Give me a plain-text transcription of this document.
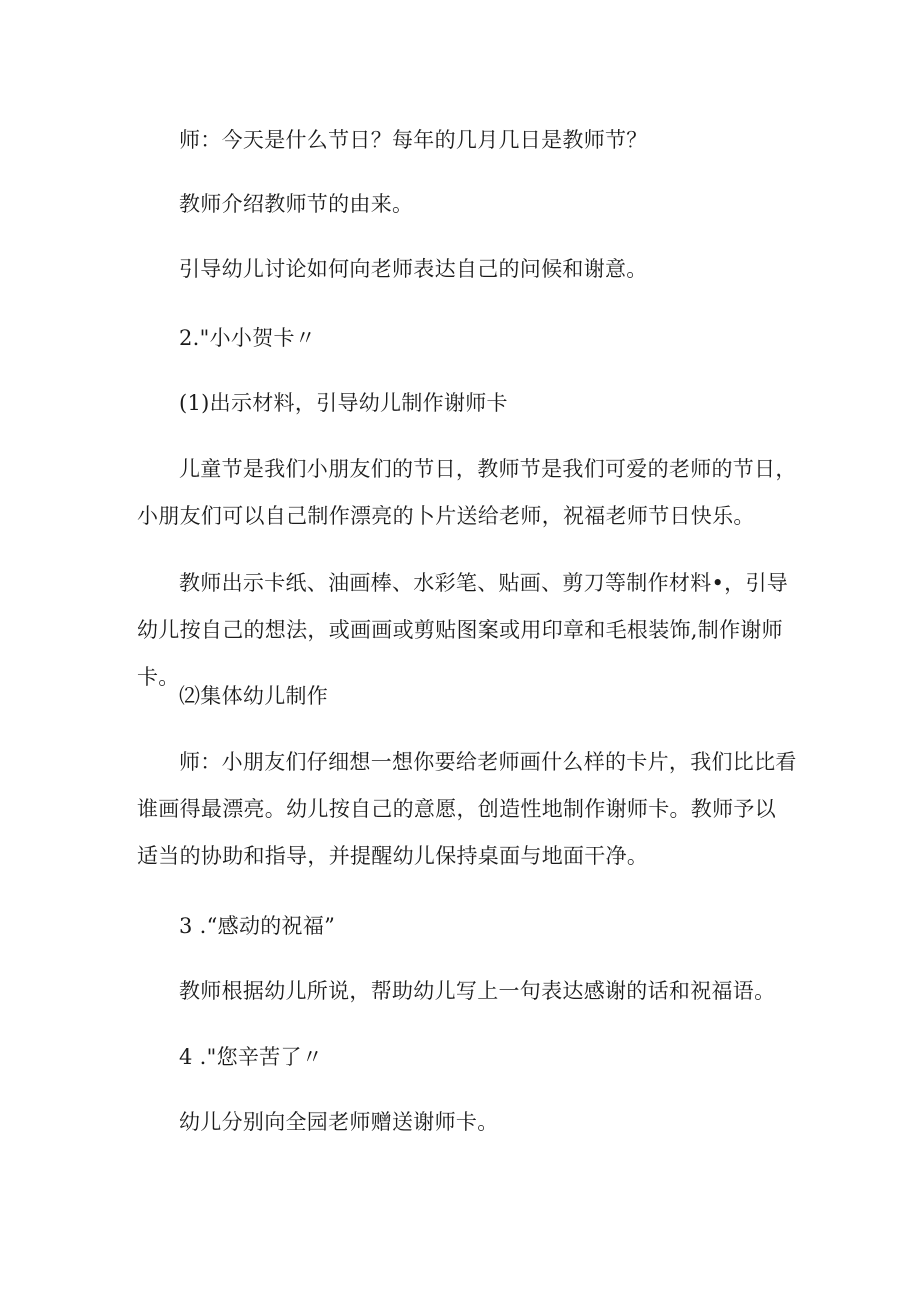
师：今天是什么节日？每年的几月几日是教师节？

教师介绍教师节的由来。

引导幼儿讨论如何向老师表达自己的问候和谢意。

2."小小贺卡〃

(1)出示材料，引导幼儿制作谢师卡

儿童节是我们小朋友们的节日，教师节是我们可爱的老师的节日，小朋友们可以自己制作漂亮的卜片送给老师，祝福老师节日快乐。

教师出示卡纸、油画棒、水彩笔、贴画、剪刀等制作材料•，引导幼儿按自己的想法，或画画或剪贴图案或用印章和毛根装饰,制作谢师卡。

⑵集体幼儿制作

师：小朋友们仔细想一想你要给老师画什么样的卡片，我们比比看谁画得最漂亮。幼儿按自己的意愿，创造性地制作谢师卡。教师予以适当的协助和指导，并提醒幼儿保持桌面与地面干净。

3 .“感动的祝福”

教师根据幼儿所说，帮助幼儿写上一句表达感谢的话和祝福语。

4 ."您辛苦了〃

幼儿分别向全园老师赠送谢师卡。
